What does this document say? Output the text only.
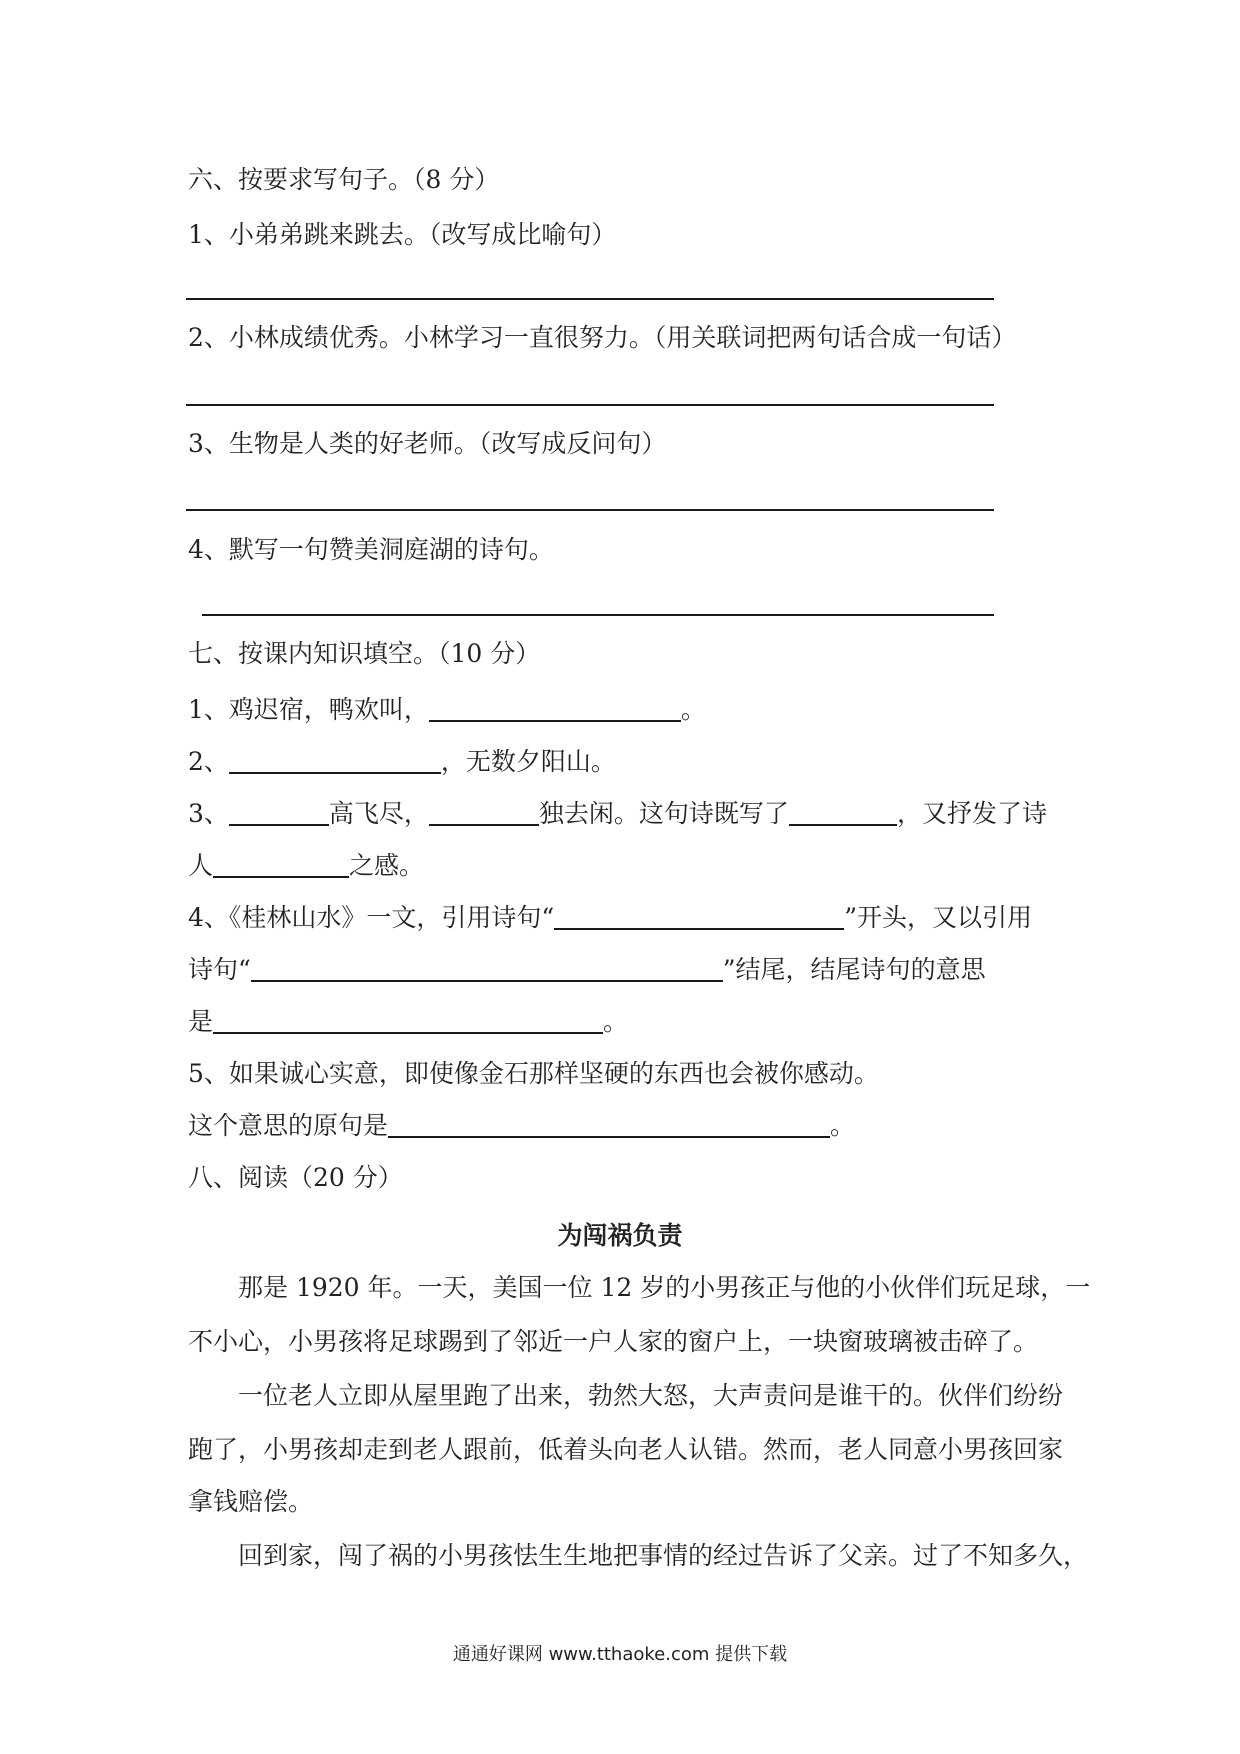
六、按要求写句子。（8 分）
1、小弟弟跳来跳去。（改写成比喻句）
2、小林成绩优秀。小林学习一直很努力。（用关联词把两句话合成一句话）
3、生物是人类的好老师。（改写成反问句）
4、默写一句赞美洞庭湖的诗句。
七、按课内知识填空。（10 分）
1、鸡迟宿，鸭欢叫，	。
2、	，无数夕阳山。
3、	高飞尽，	独去闲。这句诗既写了	，又抒发了诗
人	之感。
4、《桂林山水》一文，引用诗句“	”开头，又以引用
诗句“	”结尾，结尾诗句的意思
是	。
5、如果诚心实意，即使像金石那样坚硬的东西也会被你感动。
这个意思的原句是	。
八、阅读（20 分）
为闯祸负责
那是 1920 年。一天，美国一位 12 岁的小男孩正与他的小伙伴们玩足球，一
不小心，小男孩将足球踢到了邻近一户人家的窗户上，一块窗玻璃被击碎了。
一位老人立即从屋里跑了出来，勃然大怒，大声责问是谁干的。伙伴们纷纷
跑了，小男孩却走到老人跟前，低着头向老人认错。然而，老人同意小男孩回家
拿钱赔偿。
回到家，闯了祸的小男孩怯生生地把事情的经过告诉了父亲。过了不知多久，
通通好课网 www.tthaoke.com 提供下载
